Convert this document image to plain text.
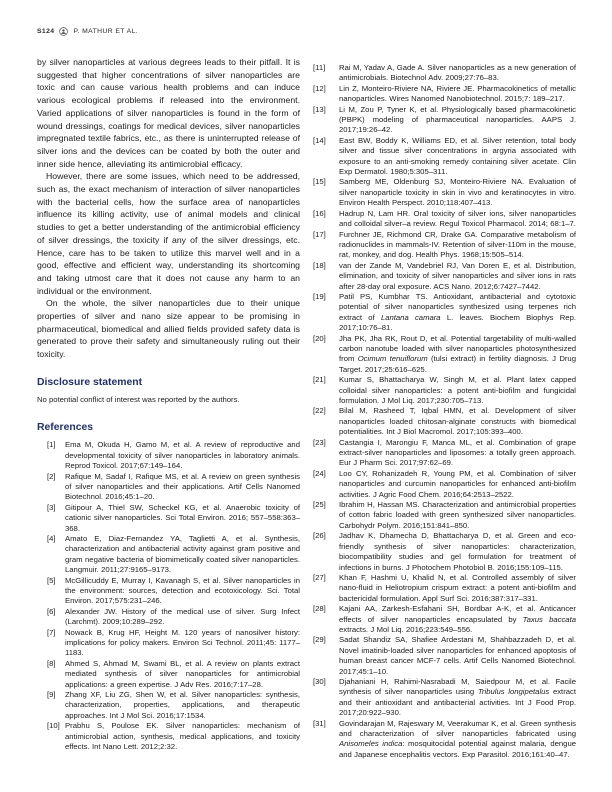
S124	P. MATHUR ET AL.

by silver nanoparticles at various degrees leads to their pitfall. It is suggested that higher concentrations of silver nanoparticles are toxic and can cause various health problems and can induce various ecological problems if released into the environment. Varied applications of silver nanoparticles is found in the form of wound dressings, coatings for medical devices, silver nanoparticles impregnated textile fabrics, etc., as there is uninterrupted release of silver ions and the devices can be coated by both the outer and inner side hence, alleviating its antimicrobial efficacy.

However, there are some issues, which need to be addressed, such as, the exact mechanism of interaction of silver nanoparticles with the bacterial cells, how the surface area of nanoparticles influence its killing activity, use of animal models and clinical studies to get a better understanding of the antimicrobial efficiency of silver dressings, the toxicity if any of the silver dressings, etc. Hence, care has to be taken to utilize this marvel well and in a good, effective and efficient way, understanding its shortcoming and taking utmost care that it does not cause any harm to an individual or the environment.

On the whole, the silver nanoparticles due to their unique properties of silver and nano size appear to be promising in pharmaceutical, biomedical and allied fields provided safety data is generated to prove their safety and simultaneously ruling out their toxicity.

Disclosure statement

No potential conflict of interest was reported by the authors.

References
[1]	Ema M, Okuda H, Gamo M, et al. A review of reproductive and developmental toxicity of silver nanoparticles in laboratory animals. Reprod Toxicol. 2017;67:149–164.
[2]	Rafique M, Sadaf I, Rafique MS, et al. A review on green synthesis of silver nanoparticles and their applications. Artif Cells Nanomed Biotechnol. 2016;45:1–20.
[3]	Gitipour A, Thiel SW, Scheckel KG, et al. Anaerobic toxicity of cationic silver nanoparticles. Sci Total Environ. 2016; 557–558:363–368.
[4]	Amato E, Diaz-Fernandez YA, Taglietti A, et al. Synthesis, characterization and antibacterial activity against gram positive and gram negative bacteria of biomimetically coated silver nanoparticles. Langmuir. 2011;27:9165–9173.
[5]	McGillicuddy E, Murray I, Kavanagh S, et al. Silver nanoparticles in the environment: sources, detection and ecotoxicology. Sci. Total Environ. 2017;575:231–246.
[6]	Alexander JW. History of the medical use of silver. Surg Infect (Larchmt). 2009;10:289–292.
[7]	Nowack B, Krug HF, Height M. 120 years of nanosilver history: implications for policy makers. Environ Sci Technol. 2011;45: 1177–1183.
[8]	Ahmed S, Ahmad M, Swami BL, et al. A review on plants extract mediated synthesis of silver nanoparticles for antimicrobial applications: a green expertise. J Adv Res. 2016;7:17–28.
[9]	Zhang XF, Liu ZG, Shen W, et al. Silver nanoparticles: synthesis, characterization, properties, applications, and therapeutic approaches. Int J Mol Sci. 2016;17:1534.
[10] Prabhu S, Poulose EK. Silver nanoparticles: mechanism of antimicrobial action, synthesis, medical applications, and toxicity effects. Int Nano Lett. 2012;2:32.
[11]	Rai M, Yadav A, Gade A. Silver nanoparticles as a new generation of antimicrobials. Biotechnol Adv. 2009;27:76–83.
[12]	Lin Z, Monteiro-Riviere NA, Riviere JE. Pharmacokinetics of metallic nanoparticles. Wires Nanomed Nanobiotechnol. 2015;7: 189–217.
[13]	Li M, Zou P, Tyner K, et al. Physiologically based pharmacokinetic (PBPK) modeling of pharmaceutical nanoparticles. AAPS J. 2017;19:26–42.
[14]	East BW, Boddy K, Williams ED, et al. Silver retention, total body silver and tissue silver concentrations in argyria associated with exposure to an anti-smoking remedy containing silver acetate. Clin Exp Dermatol. 1980;5:305–311.
[15]	Samberg ME, Oldenburg SJ, Monteiro-Riviere NA. Evaluation of silver nanoparticle toxicity in skin in vivo and keratinocytes in vitro. Environ Health Perspect. 2010;118:407–413.
[16]	Hadrup N, Lam HR. Oral toxicity of silver ions, silver nanoparticles and colloidal silver–a review. Regul Toxicol Pharmacol. 2014; 68:1–7.
[17]	Furchner JE, Richmond CR, Drake GA. Comparative metabolism of radionuclides in mammals-IV. Retention of silver-110m in the mouse, rat, monkey, and dog. Health Phys. 1968;15:505–514.
[18]	van der Zande M, Vandebriel RJ, Van Doren E, et al. Distribution, elimination, and toxicity of silver nanoparticles and silver ions in rats after 28-day oral exposure. ACS Nano. 2012;6:7427–7442.
[19]	Patil PS, Kumbhar TS. Antioxidant, antibacterial and cytotoxic potential of silver nanoparticles synthesized using terpenes rich extract of Lantana camara L. leaves. Biochem Biophys Rep. 2017;10:76–81.
[20]	Jha PK, Jha RK, Rout D, et al. Potential targetability of multi-walled carbon nanotube loaded with silver nanoparticles photosynthesized from Ocimum tenuiflorum (tulsi extract) in fertility diagnosis. J Drug Target. 2017;25:616–625.
[21]	Kumar S, Bhattacharya W, Singh M, et al. Plant latex capped colloidal silver nanoparticles: a potent anti-biofilm and fungicidal formulation. J Mol Liq. 2017;230:705–713.
[22]	Bilal M, Rasheed T, Iqbal HMN, et al. Development of silver nanoparticles loaded chitosan-alginate constructs with biomedical potentialities. Int J Biol Macromol. 2017;105:393–400.
[23]	Castangia I, Marongiu F, Manca ML, et al. Combination of grape extract-silver nanoparticles and liposomes: a totally green approach. Eur J Pharm Sci. 2017;97:62–69.
[24]	Loo CY, Rohanizadeh R, Young PM, et al. Combination of silver nanoparticles and curcumin nanoparticles for enhanced anti-biofilm activities. J Agric Food Chem. 2016;64:2513–2522.
[25]	Ibrahim H, Hassan MS. Characterization and antimicrobial properties of cotton fabric loaded with green synthesized silver nanoparticles. Carbohydr Polym. 2016;151:841–850.
[26]	Jadhav K, Dhamecha D, Bhattacharya D, et al. Green and eco-friendly synthesis of silver nanoparticles: characterization, biocompatibility studies and gel formulation for treatment of infections in burns. J Photochem Photobiol B. 2016;155:109–115.
[27]	Khan F, Hashmi U, Khalid N, et al. Controlled assembly of silver nano-fluid in Heliotropium crispum extract: a potent anti-biofilm and bactericidal formulation. Appl Surf Sci. 2016;387:317–331.
[28]	Kajani AA, Zarkesh-Esfahani SH, Bordbar A-K, et al. Anticancer effects of silver nanoparticles encapsulated by Taxus baccata extracts. J Mol Liq. 2016;223:549–556.
[29]	Sadat Shandiz SA, Shafiee Ardestani M, Shahbazzadeh D, et al. Novel imatinib-loaded silver nanoparticles for enhanced apoptosis of human breast cancer MCF-7 cells. Artif Cells Nanomed Biotechnol. 2017;45:1–10.
[30]	Djahaniani H, Rahimi-Nasrabadi M, Saiedpour M, et al. Facile synthesis of silver nanoparticles using Tribulus longipetalus extract and their antioxidant and antibacterial activities. Int J Food Prop. 2017;20:922–930.
[31]	Govindarajan M, Rajeswary M, Veerakumar K, et al. Green synthesis and characterization of silver nanoparticles fabricated using Anisomeles indica: mosquitocidal potential against malaria, dengue and Japanese encephalitis vectors. Exp Parasitol. 2016;161:40–47.
